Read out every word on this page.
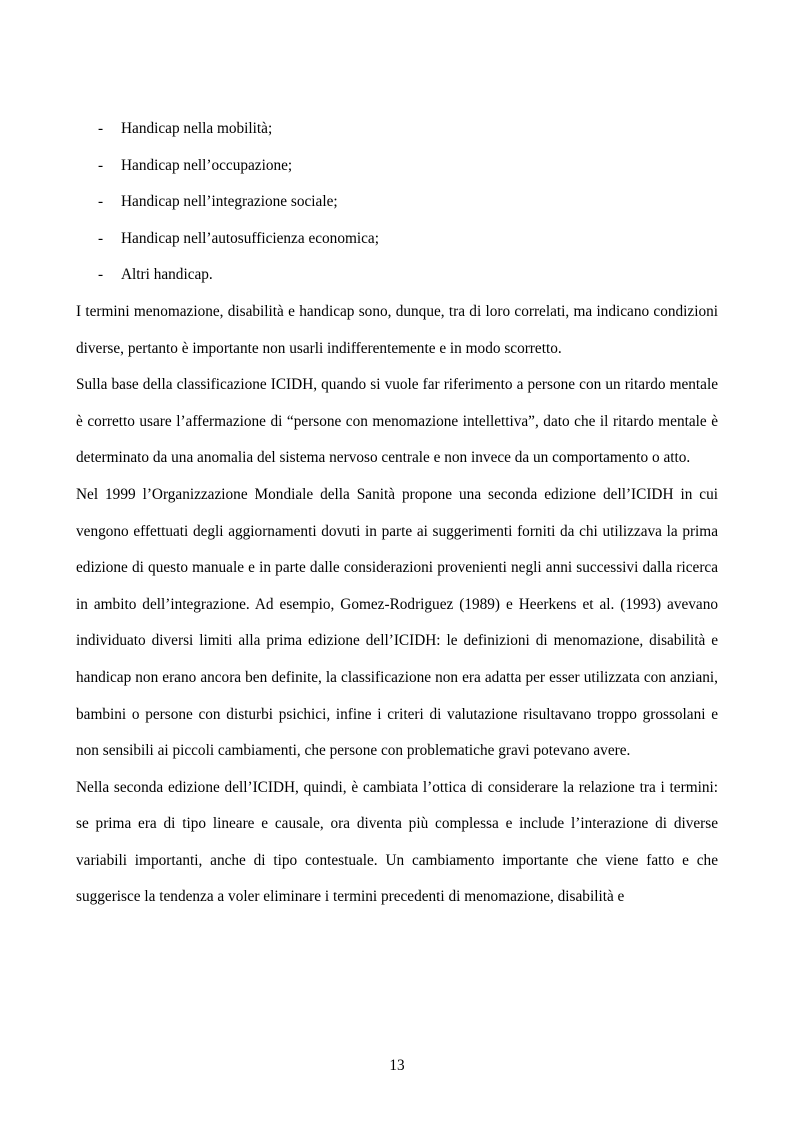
- Handicap nella mobilità;
- Handicap nell’occupazione;
- Handicap nell’integrazione sociale;
- Handicap nell’autosufficienza economica;
- Altri handicap.

I termini menomazione, disabilità e handicap sono, dunque, tra di loro correlati, ma indicano condizioni diverse, pertanto è importante non usarli indifferentemente e in modo scorretto.

Sulla base della classificazione ICIDH, quando si vuole far riferimento a persone con un ritardo mentale è corretto usare l’affermazione di “persone con menomazione intellettiva”, dato che il ritardo mentale è determinato da una anomalia del sistema nervoso centrale e non invece da un comportamento o atto.

Nel 1999 l’Organizzazione Mondiale della Sanità propone una seconda edizione dell’ICIDH in cui vengono effettuati degli aggiornamenti dovuti in parte ai suggerimenti forniti da chi utilizzava la prima edizione di questo manuale e in parte dalle considerazioni provenienti negli anni successivi dalla ricerca in ambito dell’integrazione. Ad esempio, Gomez-Rodriguez (1989) e Heerkens et al. (1993) avevano individuato diversi limiti alla prima edizione dell’ICIDH: le definizioni di menomazione, disabilità e handicap non erano ancora ben definite, la classificazione non era adatta per esser utilizzata con anziani, bambini o persone con disturbi psichici, infine i criteri di valutazione risultavano troppo grossolani e non sensibili ai piccoli cambiamenti, che persone con problematiche gravi potevano avere.

Nella seconda edizione dell’ICIDH, quindi, è cambiata l’ottica di considerare la relazione tra i termini: se prima era di tipo lineare e causale, ora diventa più complessa e include l’interazione di diverse variabili importanti, anche di tipo contestuale. Un cambiamento importante che viene fatto e che suggerisce la tendenza a voler eliminare i termini precedenti di menomazione, disabilità e

13
